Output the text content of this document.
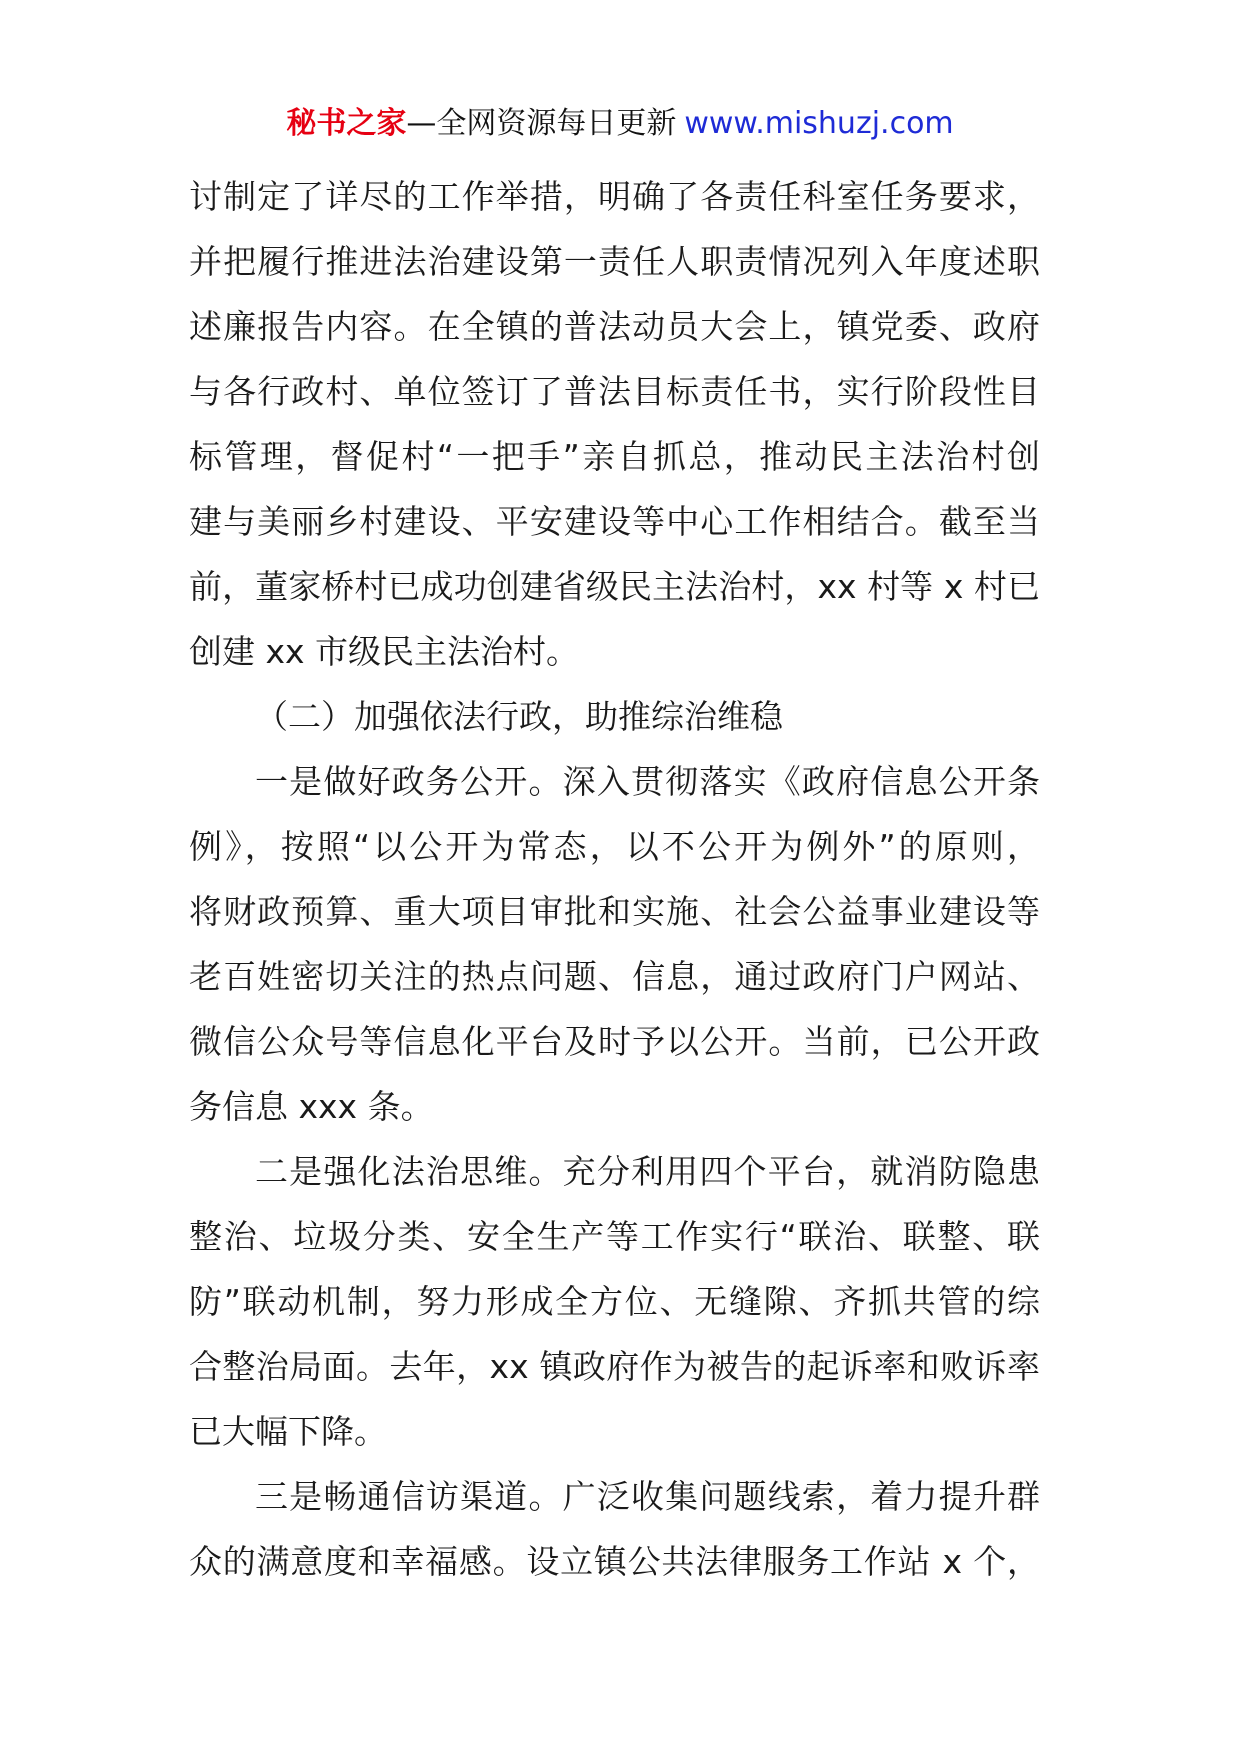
秘书之家—全网资源每日更新 www.mishuzj.com
讨制定了详尽的工作举措，明确了各责任科室任务要求，
并把履行推进法治建设第一责任人职责情况列入年度述职
述廉报告内容。在全镇的普法动员大会上，镇党委、政府
与各行政村、单位签订了普法目标责任书，实行阶段性目
标管理，督促村“一把手”亲自抓总，推动民主法治村创
建与美丽乡村建设、平安建设等中心工作相结合。截至当
前，董家桥村已成功创建省级民主法治村，xx 村等 x 村已
创建 xx 市级民主法治村。
（二）加强依法行政，助推综治维稳
一是做好政务公开。深入贯彻落实《政府信息公开条
例》，按照“以公开为常态，以不公开为例外”的原则，
将财政预算、重大项目审批和实施、社会公益事业建设等
老百姓密切关注的热点问题、信息，通过政府门户网站、
微信公众号等信息化平台及时予以公开。当前，已公开政
务信息 xxx 条。
二是强化法治思维。充分利用四个平台，就消防隐患
整治、垃圾分类、安全生产等工作实行“联治、联整、联
防”联动机制，努力形成全方位、无缝隙、齐抓共管的综
合整治局面。去年，xx 镇政府作为被告的起诉率和败诉率
已大幅下降。
三是畅通信访渠道。广泛收集问题线索，着力提升群
众的满意度和幸福感。设立镇公共法律服务工作站 x 个，
